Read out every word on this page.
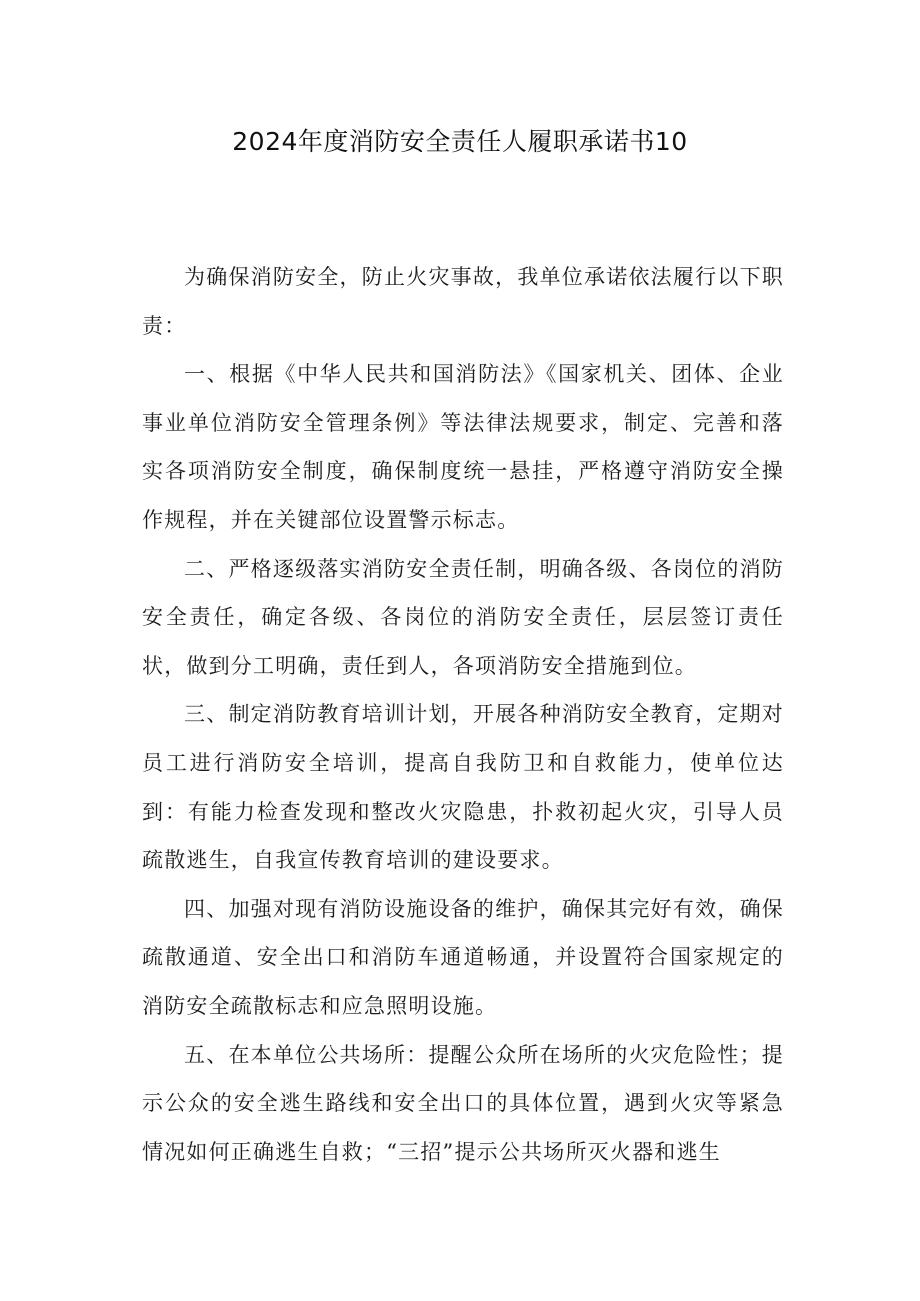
2024年度消防安全责任人履职承诺书10

为确保消防安全，防止火灾事故，我单位承诺依法履行以下职责：

一、根据《中华人民共和国消防法》《国家机关、团体、企业事业单位消防安全管理条例》等法律法规要求，制定、完善和落实各项消防安全制度，确保制度统一悬挂，严格遵守消防安全操作规程，并在关键部位设置警示标志。

二、严格逐级落实消防安全责任制，明确各级、各岗位的消防安全责任，确定各级、各岗位的消防安全责任，层层签订责任状，做到分工明确，责任到人，各项消防安全措施到位。

三、制定消防教育培训计划，开展各种消防安全教育，定期对员工进行消防安全培训，提高自我防卫和自救能力，使单位达到：有能力检查发现和整改火灾隐患，扑救初起火灾，引导人员疏散逃生，自我宣传教育培训的建设要求。

四、加强对现有消防设施设备的维护，确保其完好有效，确保疏散通道、安全出口和消防车通道畅通，并设置符合国家规定的消防安全疏散标志和应急照明设施。

五、在本单位公共场所：提醒公众所在场所的火灾危险性；提示公众的安全逃生路线和安全出口的具体位置，遇到火灾等紧急情况如何正确逃生自救；“三招”提示公共场所灭火器和逃生
